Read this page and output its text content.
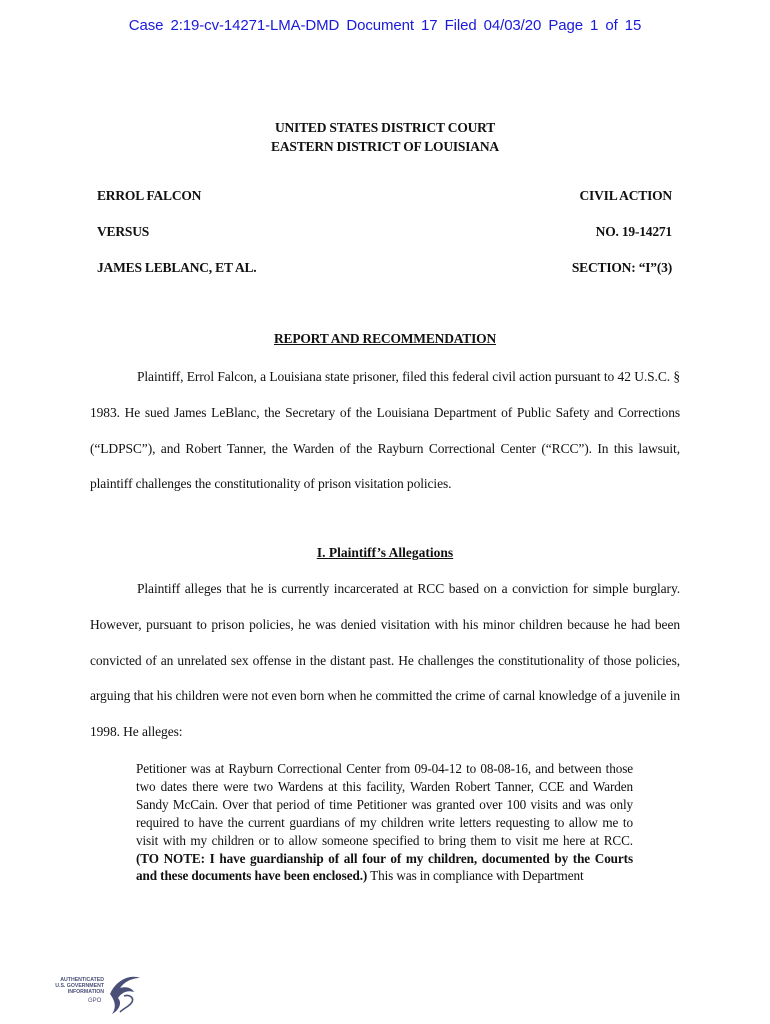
Case 2:19-cv-14271-LMA-DMD Document 17 Filed 04/03/20 Page 1 of 15
UNITED STATES DISTRICT COURT
EASTERN DISTRICT OF LOUISIANA
ERROL FALCON	CIVIL ACTION
VERSUS	NO. 19-14271
JAMES LEBLANC, ET AL.	SECTION: “I”(3)
REPORT AND RECOMMENDATION

Plaintiff, Errol Falcon, a Louisiana state prisoner, filed this federal civil action pursuant to 42 U.S.C. § 1983. He sued James LeBlanc, the Secretary of the Louisiana Department of Public Safety and Corrections (“LDPSC”), and Robert Tanner, the Warden of the Rayburn Correctional Center (“RCC”). In this lawsuit, plaintiff challenges the constitutionality of prison visitation policies.

I. Plaintiff’s Allegations

Plaintiff alleges that he is currently incarcerated at RCC based on a conviction for simple burglary. However, pursuant to prison policies, he was denied visitation with his minor children because he had been convicted of an unrelated sex offense in the distant past. He challenges the constitutionality of those policies, arguing that his children were not even born when he committed the crime of carnal knowledge of a juvenile in 1998. He alleges:

Petitioner was at Rayburn Correctional Center from 09-04-12 to 08-08-16, and between those two dates there were two Wardens at this facility, Warden Robert Tanner, CCE and Warden Sandy McCain. Over that period of time Petitioner was granted over 100 visits and was only required to have the current guardians of my children write letters requesting to allow me to visit with my children or to allow someone specified to bring them to visit me here at RCC. (TO NOTE: I have guardianship of all four of my children, documented by the Courts and these documents have been enclosed.) This was in compliance with Department
AUTHENTICATED
U.S. GOVERNMENT
INFORMATION
GPO
